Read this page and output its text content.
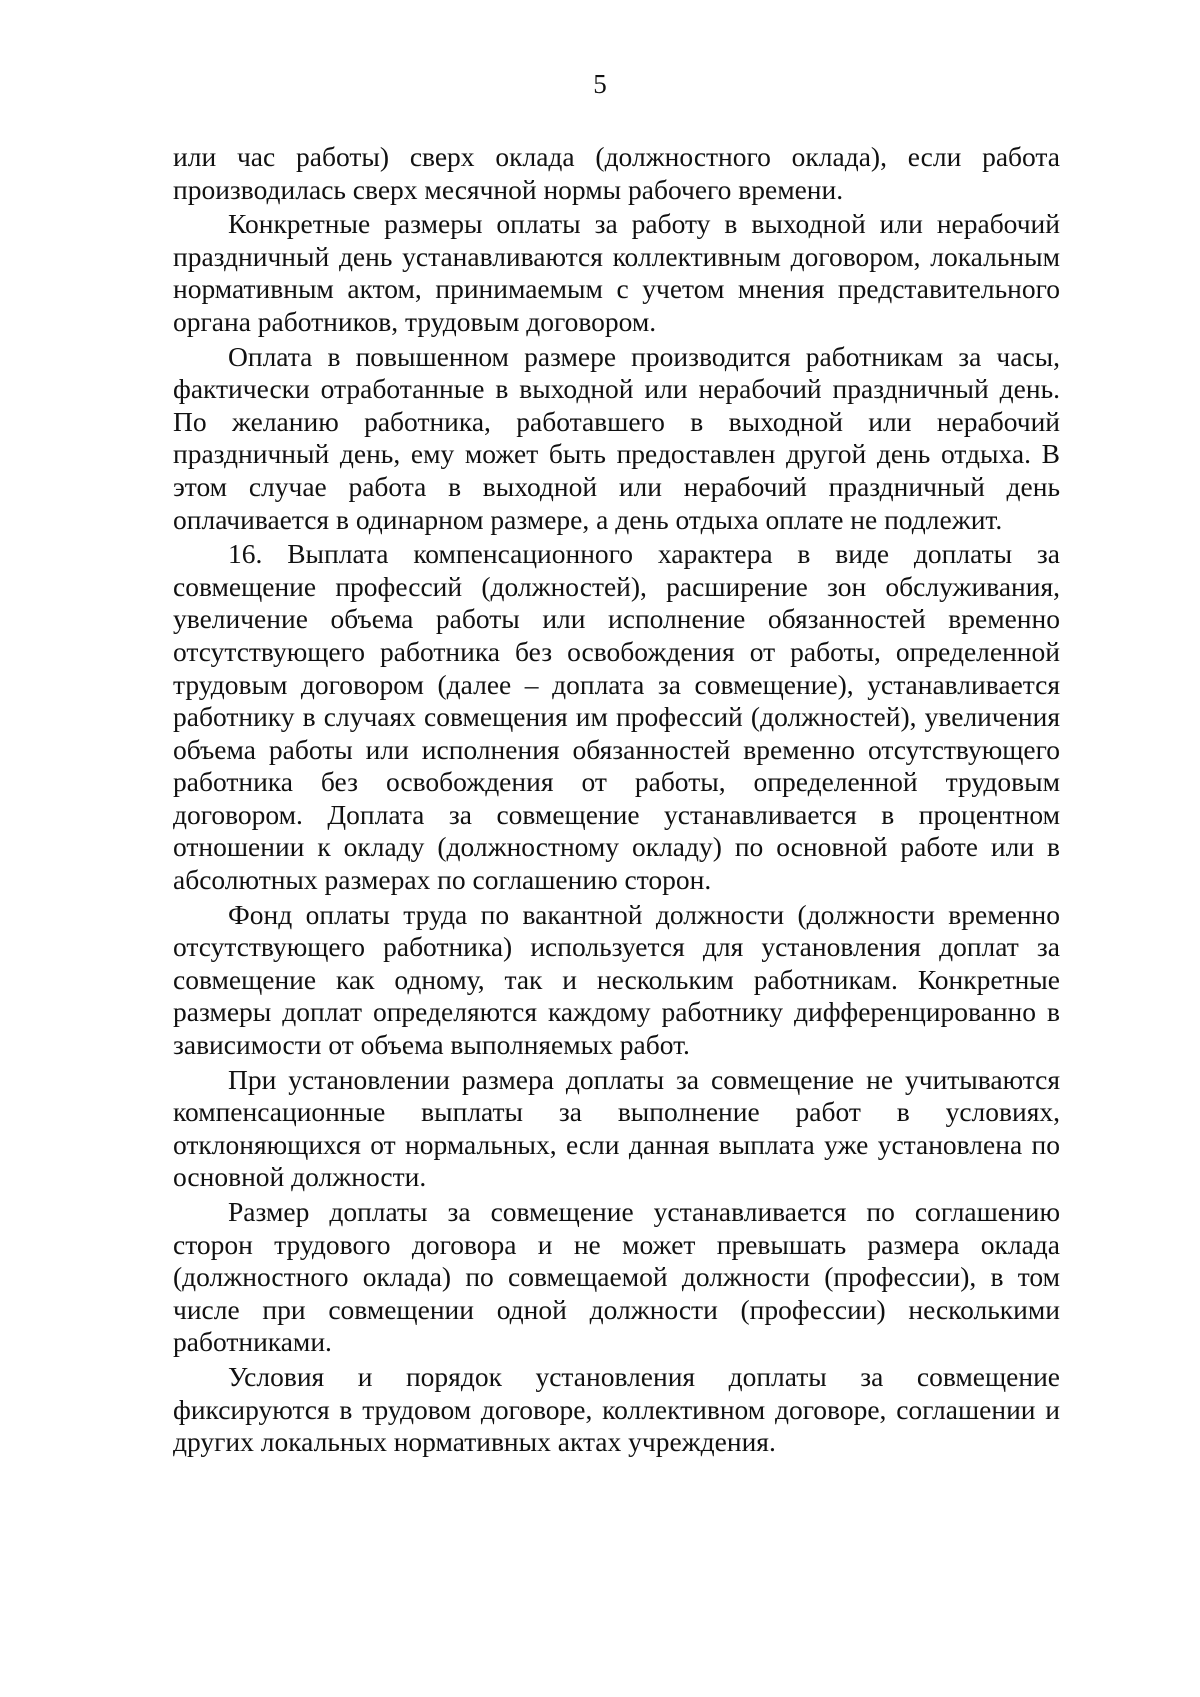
5

или час работы) сверх оклада (должностного оклада), если работа производилась сверх месячной нормы рабочего времени.

Конкретные размеры оплаты за работу в выходной или нерабочий праздничный день устанавливаются коллективным договором, локальным нормативным актом, принимаемым с учетом мнения представительного органа работников, трудовым договором.

Оплата в повышенном размере производится работникам за часы, фактически отработанные в выходной или нерабочий праздничный день. По желанию работника, работавшего в выходной или нерабочий праздничный день, ему может быть предоставлен другой день отдыха. В этом случае работа в выходной или нерабочий праздничный день оплачивается в одинарном размере, а день отдыха оплате не подлежит.

16. Выплата компенсационного характера в виде доплаты за совмещение профессий (должностей), расширение зон обслуживания, увеличение объема работы или исполнение обязанностей временно отсутствующего работника без освобождения от работы, определенной трудовым договором (далее – доплата за совмещение), устанавливается работнику в случаях совмещения им профессий (должностей), увеличения объема работы или исполнения обязанностей временно отсутствующего работника без освобождения от работы, определенной трудовым договором. Доплата за совмещение устанавливается в процентном отношении к окладу (должностному окладу) по основной работе или в абсолютных размерах по соглашению сторон.

Фонд оплаты труда по вакантной должности (должности временно отсутствующего работника) используется для установления доплат за совмещение как одному, так и нескольким работникам. Конкретные размеры доплат определяются каждому работнику дифференцированно в зависимости от объема выполняемых работ.

При установлении размера доплаты за совмещение не учитываются компенсационные выплаты за выполнение работ в условиях, отклоняющихся от нормальных, если данная выплата уже установлена по основной должности.

Размер доплаты за совмещение устанавливается по соглашению сторон трудового договора и не может превышать размера оклада (должностного оклада) по совмещаемой должности (профессии), в том числе при совмещении одной должности (профессии) несколькими работниками.

Условия и порядок установления доплаты за совмещение фиксируются в трудовом договоре, коллективном договоре, соглашении и других локальных нормативных актах учреждения.
